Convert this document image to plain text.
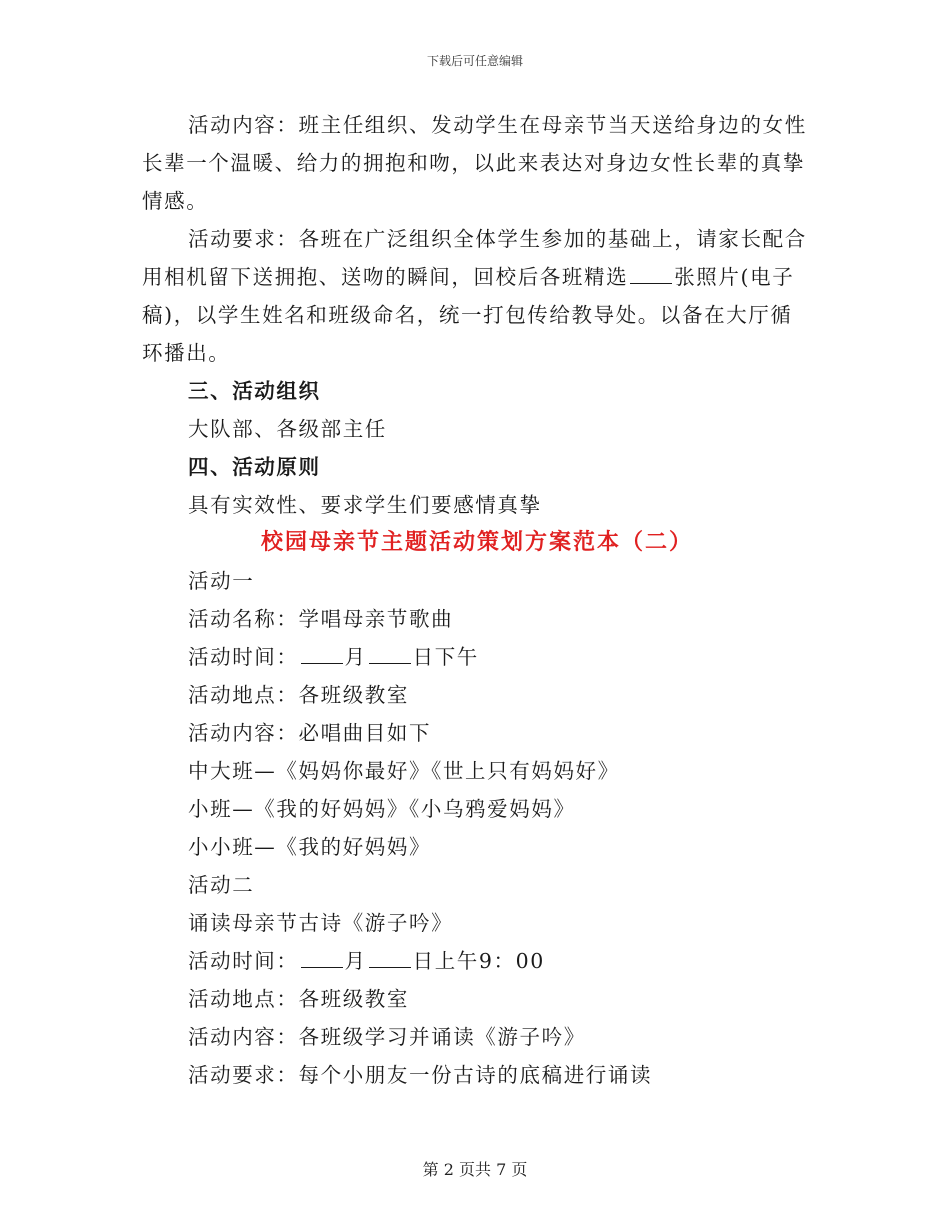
下载后可任意编辑

活动内容：班主任组织、发动学生在母亲节当天送给身边的女性长辈一个温暖、给力的拥抱和吻，以此来表达对身边女性长辈的真挚情感。

活动要求：各班在广泛组织全体学生参加的基础上，请家长配合用相机留下送拥抱、送吻的瞬间，回校后各班精选 张照片(电子稿)，以学生姓名和班级命名，统一打包传给教导处。以备在大厅循环播出。

三、活动组织

大队部、各级部主任

四、活动原则

具有实效性、要求学生们要感情真挚

校园母亲节主题活动策划方案范本（二）

活动一

活动名称：学唱母亲节歌曲

活动时间： 月 日下午

活动地点：各班级教室

活动内容：必唱曲目如下

中大班—《妈妈你最好》《世上只有妈妈好》

小班—《我的好妈妈》《小乌鸦爱妈妈》

小小班—《我的好妈妈》

活动二

诵读母亲节古诗《游子吟》

活动时间： 月 日上午9：00

活动地点：各班级教室

活动内容：各班级学习并诵读《游子吟》

活动要求：每个小朋友一份古诗的底稿进行诵读

第 2 页共 7 页
